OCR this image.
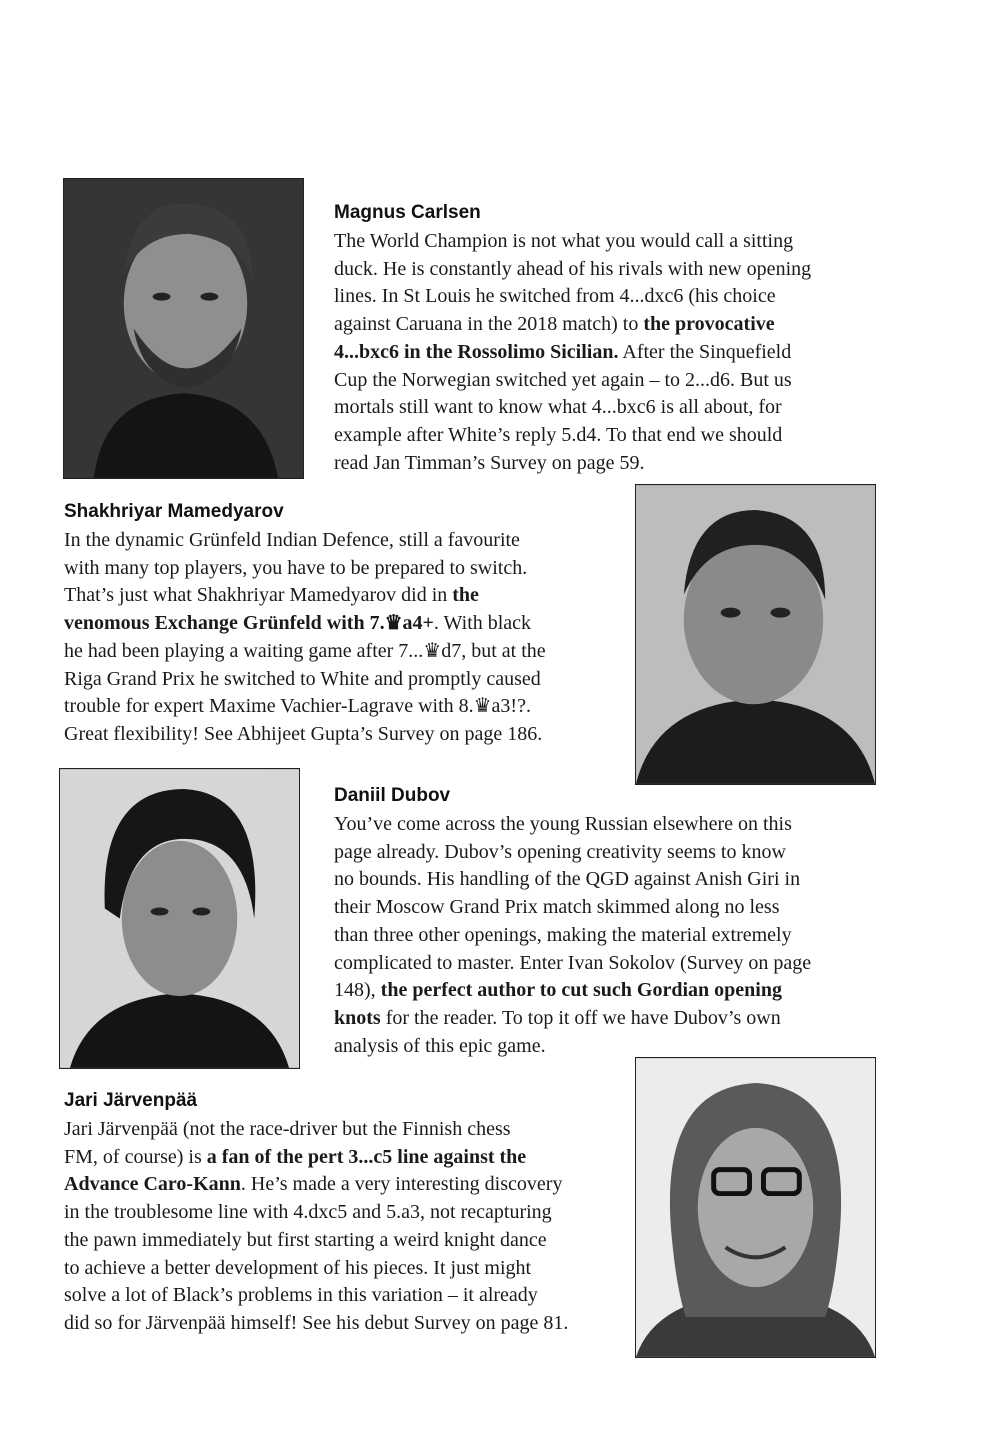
Magnus Carlsen

The World Champion is not what you would call a sitting
duck. He is constantly ahead of his rivals with new opening
lines. In St Louis he switched from 4...dxc6 (his choice
against Caruana in the 2018 match) to the provocative
4...bxc6 in the Rossolimo Sicilian. After the Sinquefield
Cup the Norwegian switched yet again – to 2...d6. But us
mortals still want to know what 4...bxc6 is all about, for
example after White’s reply 5.d4. To that end we should
read Jan Timman’s Survey on page 59.

Shakhriyar Mamedyarov

In the dynamic Grünfeld Indian Defence, still a favourite
with many top players, you have to be prepared to switch.
That’s just what Shakhriyar Mamedyarov did in the
venomous Exchange Grünfeld with 7.♛a4+. With black
he had been playing a waiting game after 7...♛d7, but at the
Riga Grand Prix he switched to White and promptly caused
trouble for expert Maxime Vachier-Lagrave with 8.♛a3!?.
Great flexibility! See Abhijeet Gupta’s Survey on page 186.

Daniil Dubov

You’ve come across the young Russian elsewhere on this
page already. Dubov’s opening creativity seems to know
no bounds. His handling of the QGD against Anish Giri in
their Moscow Grand Prix match skimmed along no less
than three other openings, making the material extremely
complicated to master. Enter Ivan Sokolov (Survey on page
148), the perfect author to cut such Gordian opening
knots for the reader. To top it off we have Dubov’s own
analysis of this epic game.

Jari Järvenpää

Jari Järvenpää (not the race-driver but the Finnish chess
FM, of course) is a fan of the pert 3...c5 line against the
Advance Caro-Kann. He’s made a very interesting discovery
in the troublesome line with 4.dxc5 and 5.a3, not recapturing
the pawn immediately but first starting a weird knight dance
to achieve a better development of his pieces. It just might
solve a lot of Black’s problems in this variation – it already
did so for Järvenpää himself! See his debut Survey on page 81.
